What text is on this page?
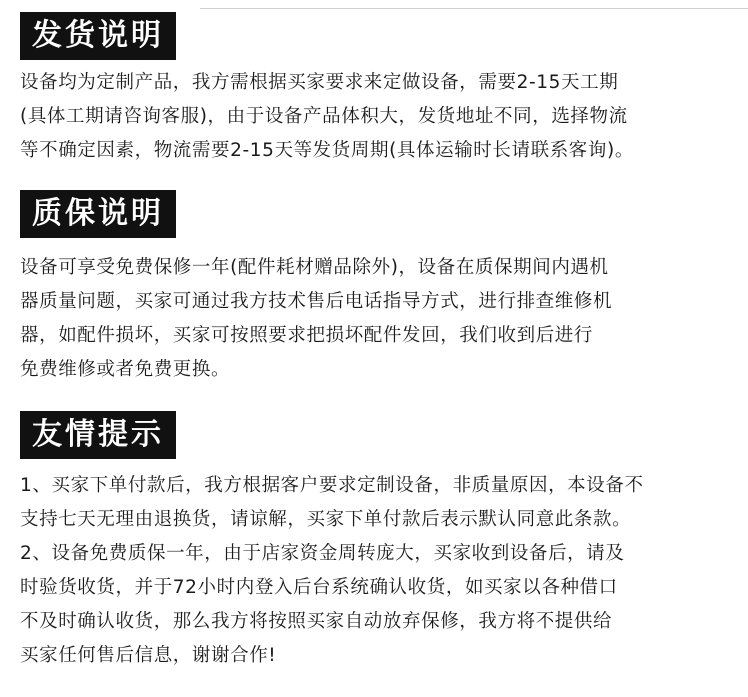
发货说明
设备均为定制产品，我方需根据买家要求来定做设备，需要2-15天工期
(具体工期请咨询客服)，由于设备产品体积大，发货地址不同，选择物流
等不确定因素，物流需要2-15天等发货周期(具体运输时长请联系客询)。
质保说明
设备可享受免费保修一年(配件耗材赠品除外)，设备在质保期间内遇机
器质量问题，买家可通过我方技术售后电话指导方式，进行排查维修机
器，如配件损坏，买家可按照要求把损坏配件发回，我们收到后进行
免费维修或者免费更换。
友情提示
1、买家下单付款后，我方根据客户要求定制设备，非质量原因，本设备不
支持七天无理由退换货，请谅解，买家下单付款后表示默认同意此条款。
2、设备免费质保一年，由于店家资金周转庞大，买家收到设备后，请及
时验货收货，并于72小时内登入后台系统确认收货，如买家以各种借口
不及时确认收货，那么我方将按照买家自动放弃保修，我方将不提供给
买家任何售后信息，谢谢合作!
